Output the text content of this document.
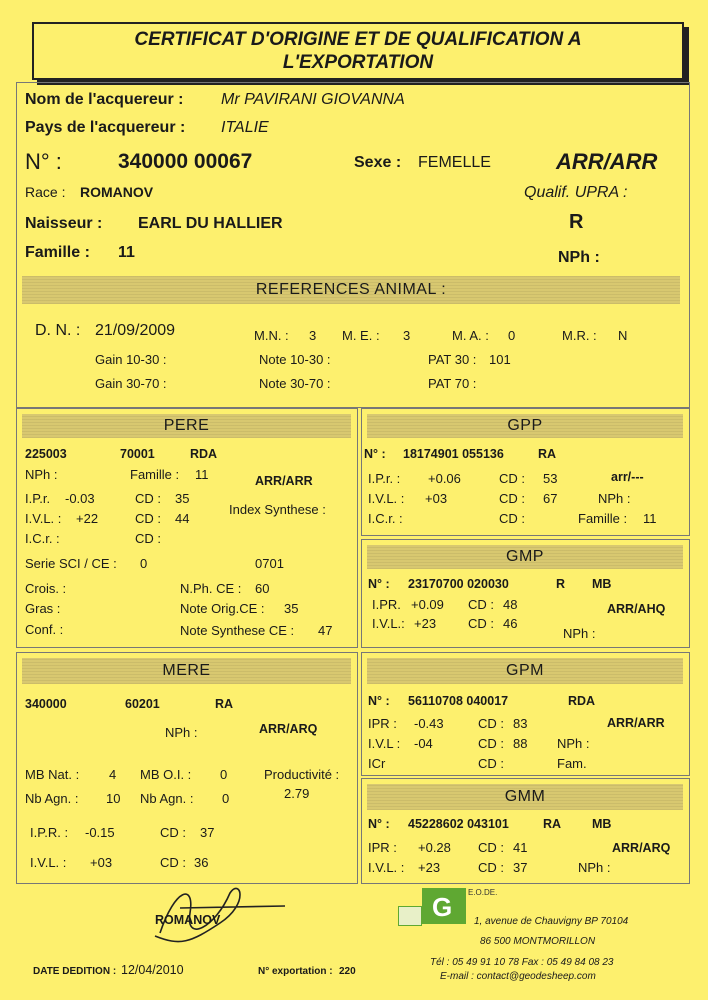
CERTIFICAT D'ORIGINE ET DE QUALIFICATION A
L'EXPORTATION
Nom de l'acquereur : Mr PAVIRANI GIOVANNA
Pays de l'acquereur : ITALIE
N° :	340000 00067	Sexe : FEMELLE	ARR/ARR
Race : ROMANOV	Qualif. UPRA :
Naisseur : EARL DU HALLIER	R
Famille : 11	NPh :
REFERENCES ANIMAL :
D. N. : 21/09/2009	M.N. : 3 M. E. : 3	M. A. : 0	M.R. : N
Gain 10-30 :	Note 10-30 :	PAT 30 : 101
Gain 30-70 :	Note 30-70 :	PAT 70 :
PERE
225003	70001	RDA
NPh :	Famille : 11	ARR/ARR
I.P.r. -0.03	CD : 35
Index Synthese :
I.V.L. : +22	CD : 44
I.C.r. :	CD :
Serie SCI / CE : 0	0701
Crois. :	N.Ph. CE : 60
Gras :	Note Orig.CE : 35
Conf. :	Note Synthese CE : 47
GPP
N° : 18174901 055136	RA
I.P.r. : +0.06	CD : 53	arr/---
I.V.L. : +03	CD : 67	NPh :
I.C.r. :	CD :	Famille : 11
GMP
N° : 23170700 020030	R MB
I.PR. +0.09 CD : 48	ARR/AHQ
I.V.L.: +23 CD : 46
NPh :
MERE
340000	60201	RA
NPh :	ARR/ARQ
MB Nat. : 4 MB O.I. : 0	Productivité :
2.79
Nb Agn. : 10 Nb Agn. : 0
I.P.R. : -0.15	CD : 37
I.V.L. : +03	CD : 36
GPM
N° : 56110708 040017	RDA
IPR : -0.43	CD : 83	ARR/ARR
I.V.L : -04	CD : 88 NPh :
ICr	CD :	Fam.
GMM
N° : 45228602 043101	RA MB
IPR : +0.28 CD : 41	ARR/ARQ
I.V.L. : +23	CD : 37	NPh :
ROMANOV
DATE DEDITION : 12/04/2010	N° exportation : 220
G E.O.DE.
1, avenue de Chauvigny BP 70104
86 500 MONTMORILLON
Tél : 05 49 91 10 78 Fax : 05 49 84 08 23
E-mail : contact@geodesheep.com
